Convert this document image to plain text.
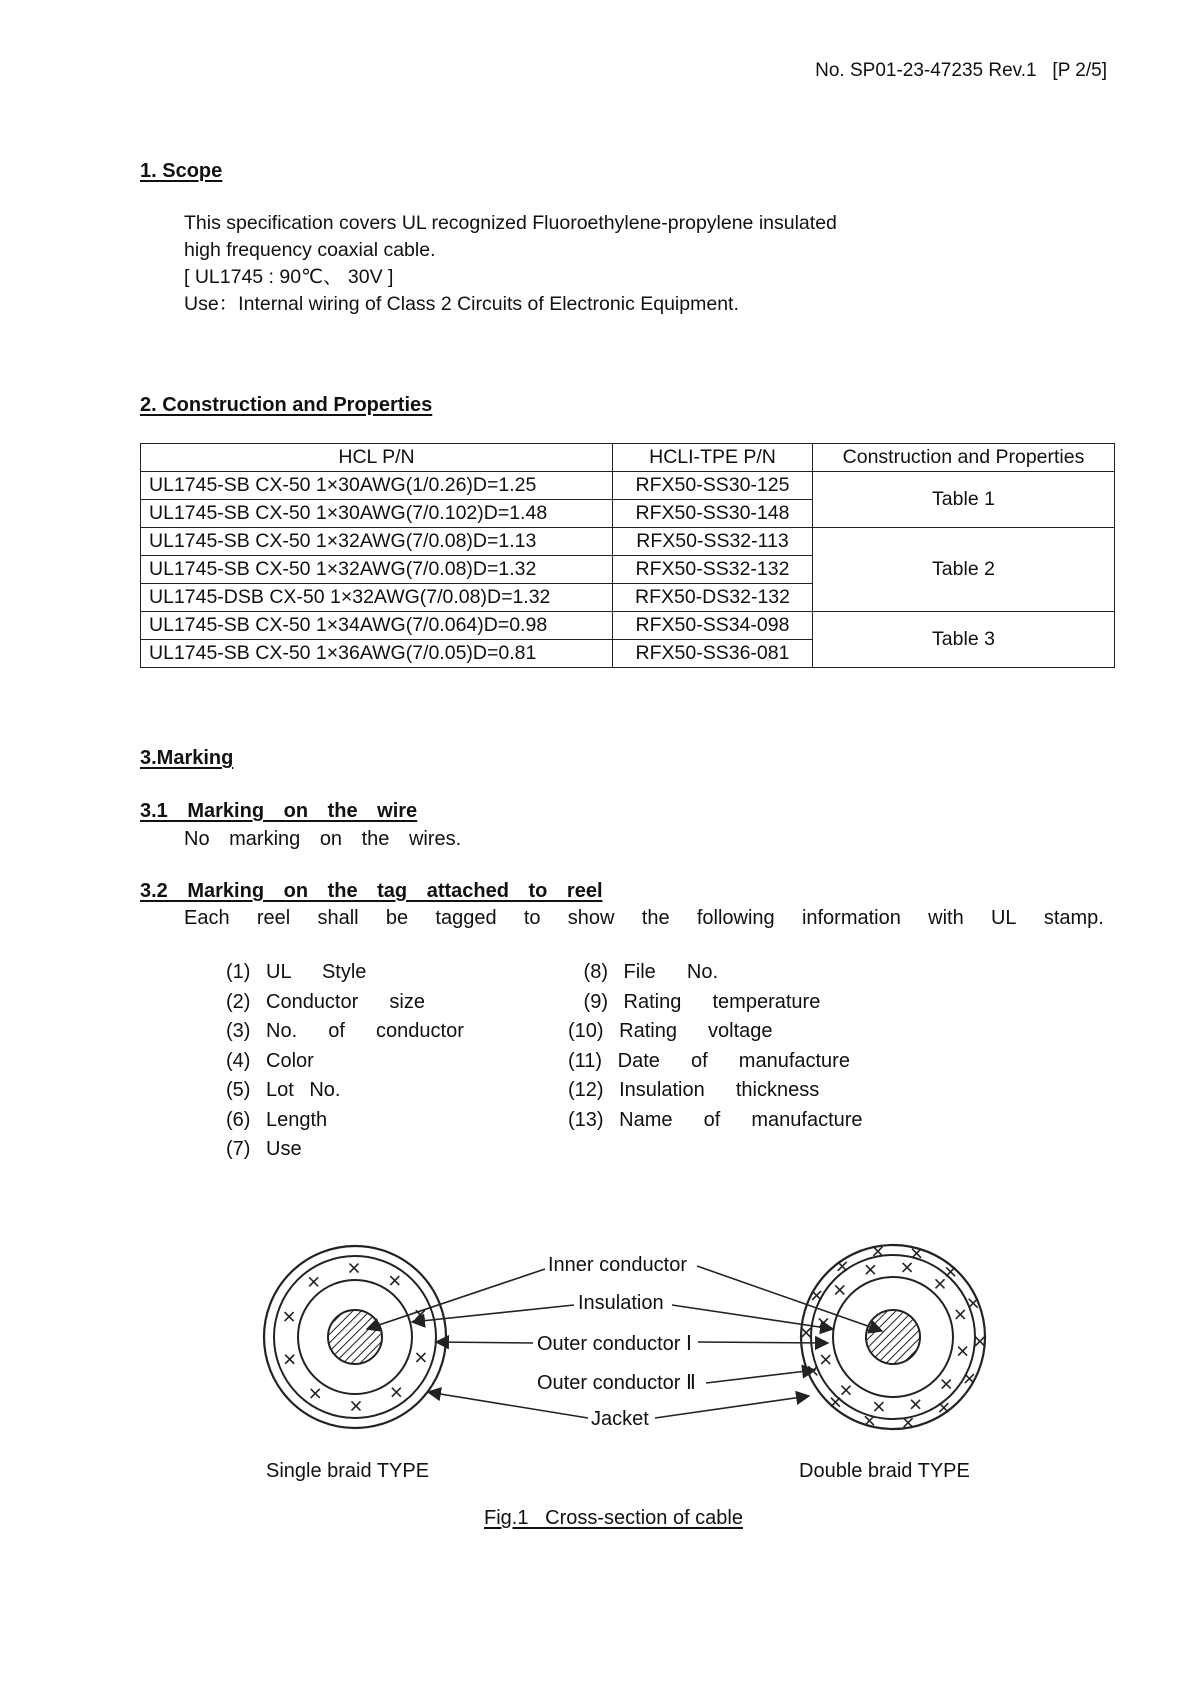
No. SP01-23-47235 Rev.1   [P 2/5]
1. Scope
This specification covers UL recognized Fluoroethylene-propylene insulated
high frequency coaxial cable.
[ UL1745 : 90℃、 30V ]
Use：Internal wiring of Class 2 Circuits of Electronic Equipment.
2. Construction and Properties
HCL P/N	HCLI-TPE P/N	Construction and Properties
UL1745-SB CX-50 1×30AWG(1/0.26)D=1.25	RFX50-SS30-125	Table 1
UL1745-SB CX-50 1×30AWG(7/0.102)D=1.48	RFX50-SS30-148	
UL1745-SB CX-50 1×32AWG(7/0.08)D=1.13	RFX50-SS32-113	Table 2
UL1745-SB CX-50 1×32AWG(7/0.08)D=1.32	RFX50-SS32-132	
UL1745-DSB CX-50 1×32AWG(7/0.08)D=1.32	RFX50-DS32-132	
UL1745-SB CX-50 1×34AWG(7/0.064)D=0.98	RFX50-SS34-098	Table 3
UL1745-SB CX-50 1×36AWG(7/0.05)D=0.81	RFX50-SS36-081	
3.Marking
3.1 Marking on the wire
No marking on the wires.
3.2 Marking on the tag attached to reel
Each reel shall be tagged to show the following information with UL stamp.
(1) UL  Style
(2) Conductor  size
(3) No.  of  conductor
(4) Color
(5) Lot No.
(6) Length
(7) Use
(8) File  No.
(9) Rating  temperature
(10) Rating  voltage
(11) Date  of  manufacture
(12) Insulation  thickness
(13) Name  of  manufacture
Inner conductor
Insulation
Outer conductor Ⅰ
Outer conductor Ⅱ
Jacket
Single braid TYPE	Double braid TYPE
Fig.1   Cross-section of cable
